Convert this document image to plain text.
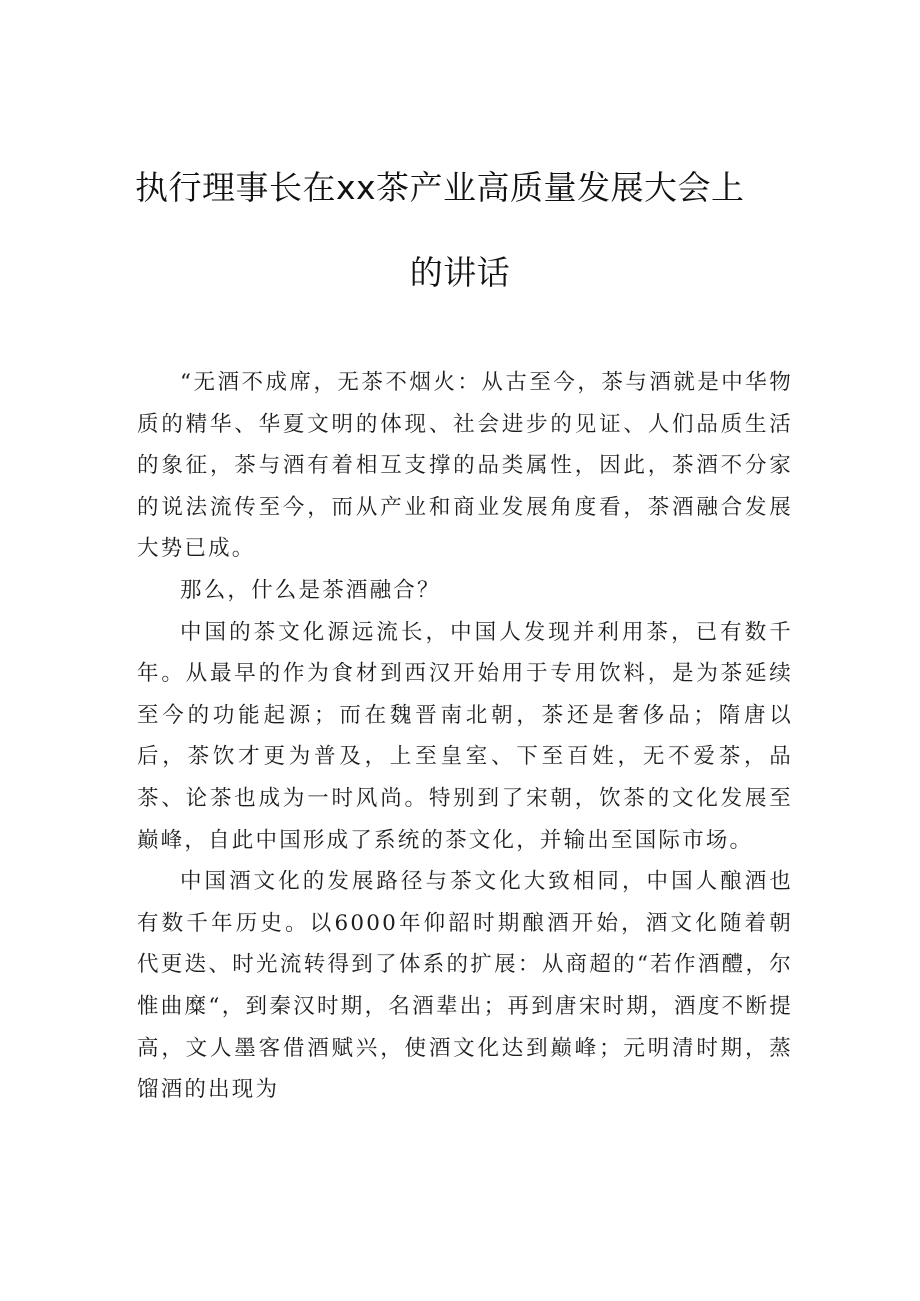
执行理事长在xx茶产业高质量发展大会上
的讲话

“无酒不成席，无茶不烟火：从古至今，茶与酒就是中华物质的精华、华夏文明的体现、社会进步的见证、人们品质生活的象征，茶与酒有着相互支撑的品类属性，因此，茶酒不分家的说法流传至今，而从产业和商业发展角度看，茶酒融合发展大势已成。

那么，什么是茶酒融合？

中国的茶文化源远流长，中国人发现并利用茶，已有数千年。从最早的作为食材到西汉开始用于专用饮料，是为茶延续至今的功能起源；而在魏晋南北朝，茶还是奢侈品；隋唐以后，茶饮才更为普及，上至皇室、下至百姓，无不爱茶，品茶、论茶也成为一时风尚。特别到了宋朝，饮茶的文化发展至巅峰，自此中国形成了系统的茶文化，并输出至国际市场。

中国酒文化的发展路径与茶文化大致相同，中国人酿酒也有数千年历史。以6000年仰韶时期酿酒开始，酒文化随着朝代更迭、时光流转得到了体系的扩展：从商超的“若作酒醴，尔惟曲糜“，到秦汉时期，名酒辈出；再到唐宋时期，酒度不断提高，文人墨客借酒赋兴，使酒文化达到巅峰；元明清时期，蒸馏酒的出现为
